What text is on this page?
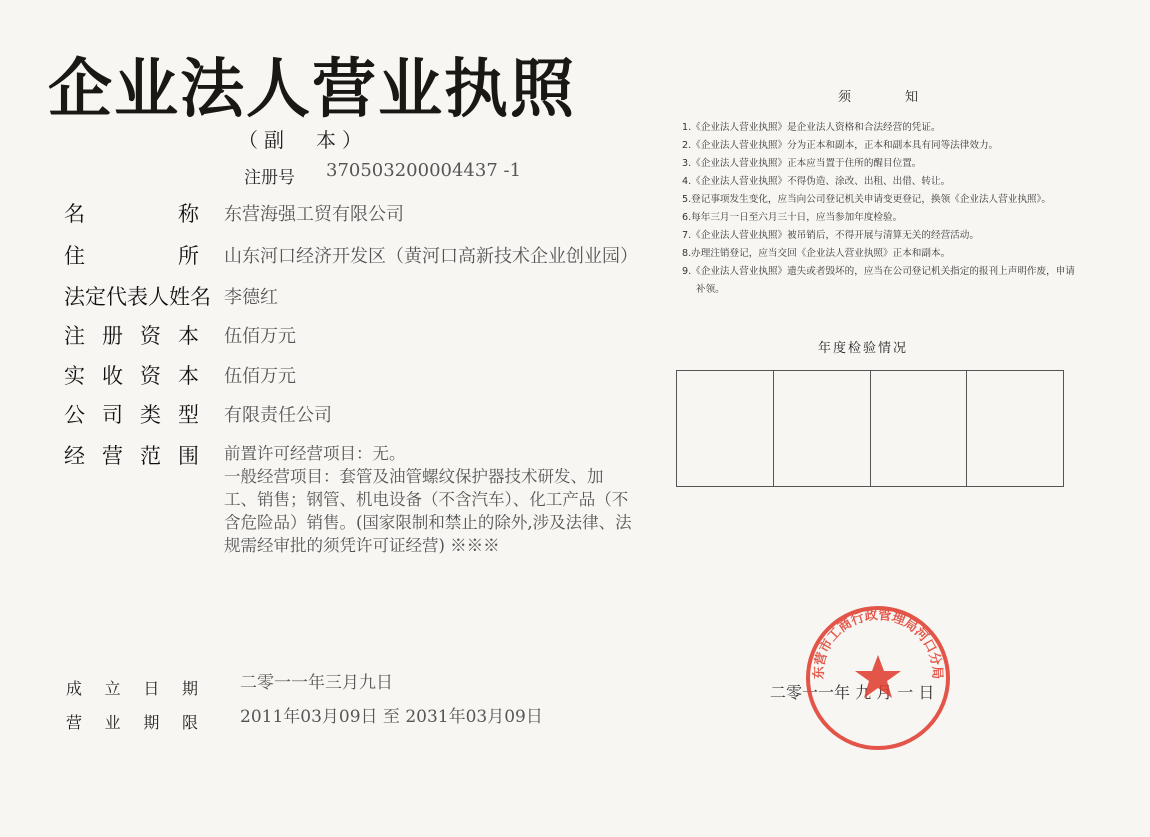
企业法人营业执照
（副　本）
注册号 370503200004437 -1
名	称 东营海强工贸有限公司
住	所 山东河口经济开发区（黄河口高新技术企业创业园）
法定代表人姓名 李德红
注 册 资 本 伍佰万元
实 收 资 本 伍佰万元
公 司 类 型 有限责任公司
经 营 范 围 前置许可经营项目：无。
一般经营项目：套管及油管螺纹保护器技术研发、加
工、销售；钢管、机电设备（不含汽车）、化工产品（不
含危险品）销售。(国家限制和禁止的除外,涉及法律、法
规需经审批的须凭许可证经营) ※※※
成 立 日 期 二零一一年三月九日
营 业 期 限 2011年03月09日 至 2031年03月09日
须	知
1.《企业法人营业执照》是企业法人资格和合法经营的凭证。
2.《企业法人营业执照》分为正本和副本，正本和副本具有同等法律效力。
3.《企业法人营业执照》正本应当置于住所的醒目位置。
4.《企业法人营业执照》不得伪造、涂改、出租、出借、转让。
5.登记事项发生变化，应当向公司登记机关申请变更登记，换领《企业法人营业执照》。
6.每年三月一日至六月三十日，应当参加年度检验。
7.《企业法人营业执照》被吊销后，不得开展与清算无关的经营活动。
8.办理注销登记，应当交回《企业法人营业执照》正本和副本。
9.《企业法人营业执照》遗失或者毁坏的，应当在公司登记机关指定的报刊上声明作废，申请补领。
年度检验情况
二零一一年 九 月 一 日
东营市工商行政管理局河口分局
